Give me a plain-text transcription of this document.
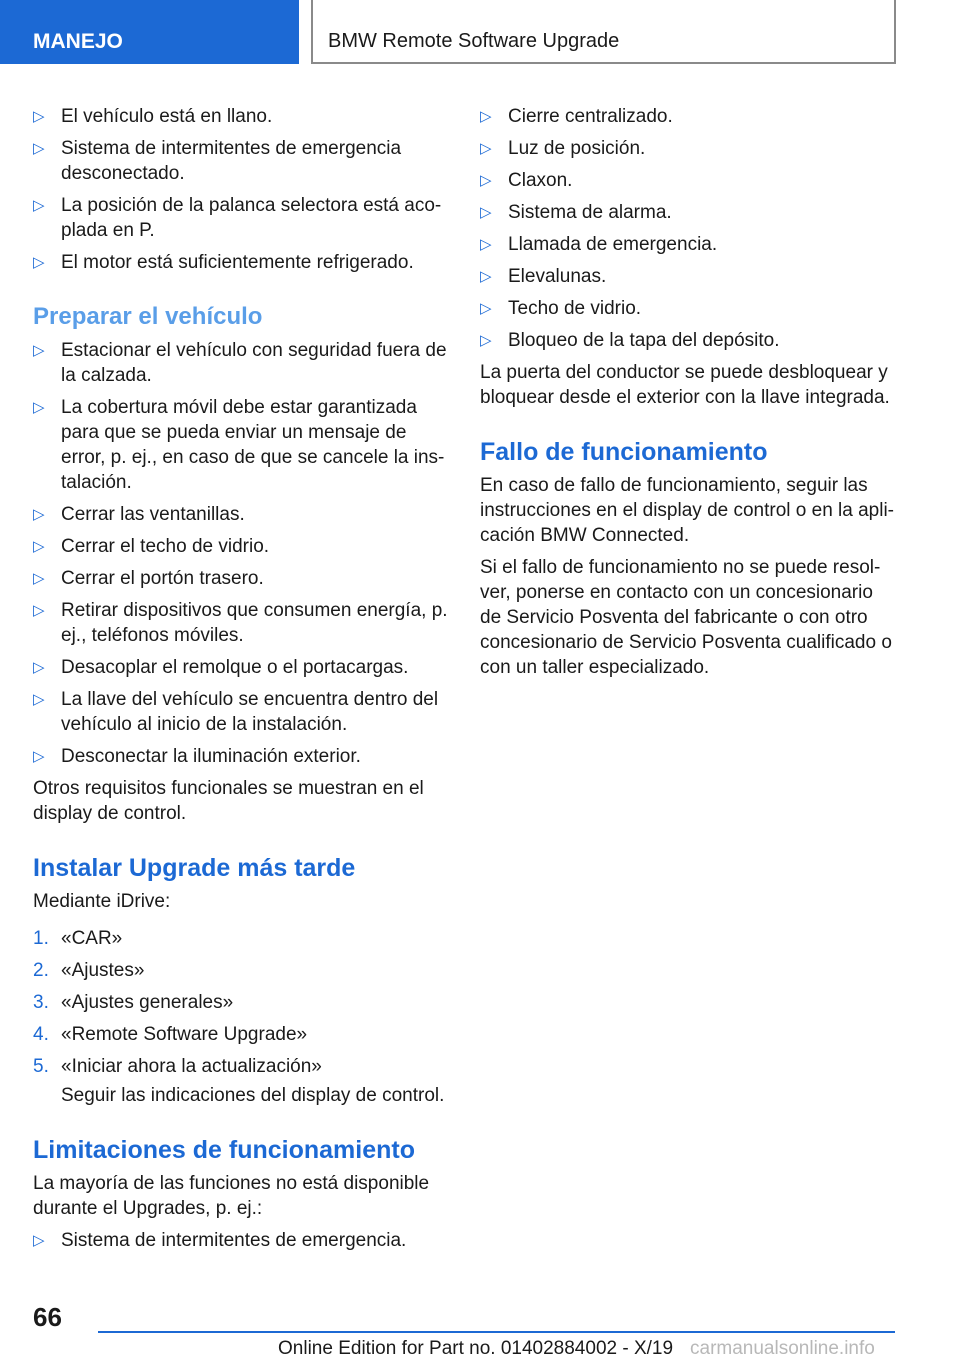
MANEJO	BMW Remote Software Upgrade
▷ El vehículo está en llano.
▷ Sistema de intermitentes de emergencia desconectado.
▷ La posición de la palanca selectora está aco-plada en P.
▷ El motor está suficientemente refrigerado.
Preparar el vehículo
▷ Estacionar el vehículo con seguridad fuera de la calzada.
▷ La cobertura móvil debe estar garantizada para que se pueda enviar un mensaje de error, p. ej., en caso de que se cancele la ins-talación.
▷ Cerrar las ventanillas.
▷ Cerrar el techo de vidrio.
▷ Cerrar el portón trasero.
▷ Retirar dispositivos que consumen energía, p. ej., teléfonos móviles.
▷ Desacoplar el remolque o el portacargas.
▷ La llave del vehículo se encuentra dentro del vehículo al inicio de la instalación.
▷ Desconectar la iluminación exterior.

Otros requisitos funcionales se muestran en el display de control.

Instalar Upgrade más tarde

Mediante iDrive:

1. «CAR»
2. «Ajustes»
3. «Ajustes generales»
4. «Remote Software Upgrade»
5. «Iniciar ahora la actualización»
Seguir las indicaciones del display de control.
Limitaciones de funcionamiento

La mayoría de las funciones no está disponible durante el Upgrades, p. ej.:

▷ Sistema de intermitentes de emergencia.
▷ Cierre centralizado.
▷ Luz de posición.
▷ Claxon.
▷ Sistema de alarma.
▷ Llamada de emergencia.
▷ Elevalunas.
▷ Techo de vidrio.
▷ Bloqueo de la tapa del depósito.

La puerta del conductor se puede desbloquear y bloquear desde el exterior con la llave integrada.

Fallo de funcionamiento

En caso de fallo de funcionamiento, seguir las instrucciones en el display de control o en la apli-cación BMW Connected.

Si el fallo de funcionamiento no se puede resol-ver, ponerse en contacto con un concesionario de Servicio Posventa del fabricante o con otro concesionario de Servicio Posventa cualificado o con un taller especializado.

66
Online Edition for Part no. 01402884002 - X/19 carmanualsonline.info
